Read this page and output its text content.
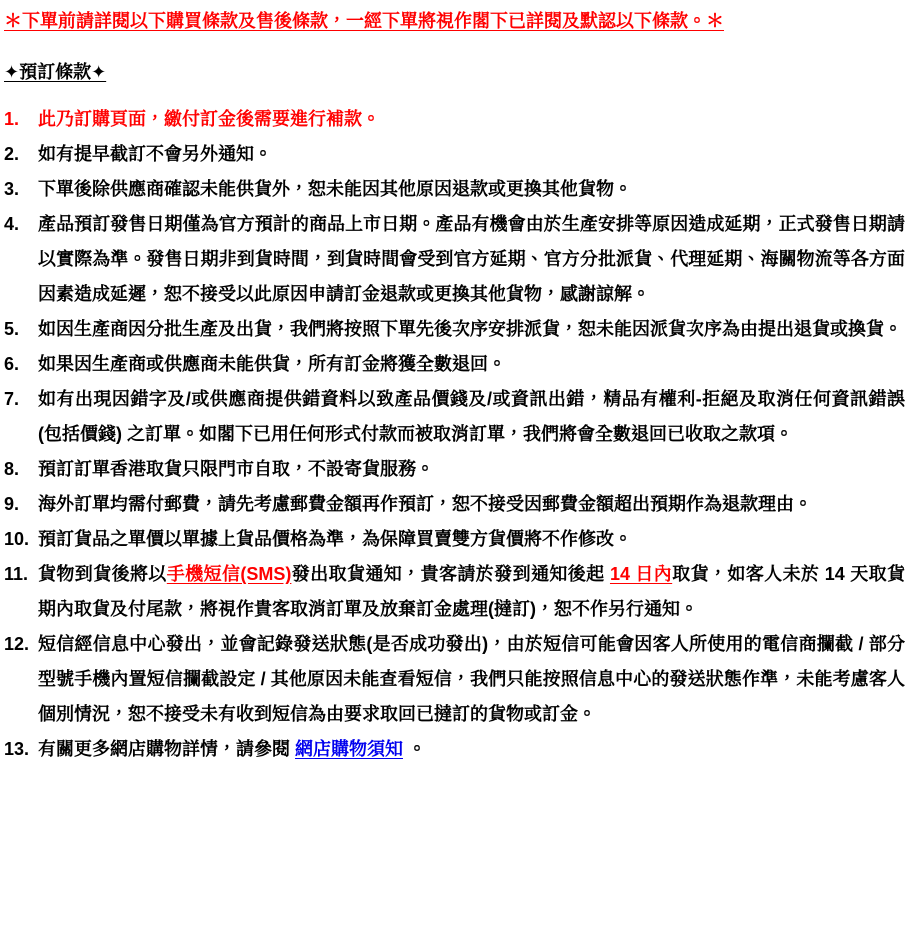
＊下單前請詳閱以下購買條款及售後條款，一經下單將視作閣下已詳閱及默認以下條款。＊
✦預訂條款✦
1.	此乃訂購頁面，繳付訂金後需要進行補款。
2.	如有提早截訂不會另外通知。
3.	下單後除供應商確認未能供貨外，恕未能因其他原因退款或更換其他貨物。
4.	產品預訂發售日期僅為官方預計的商品上市日期。產品有機會由於生產安排等原因造成延期，正式發售日期請以實際為準。發售日期非到貨時間，到貨時間會受到官方延期、官方分批派貨、代理延期、海關物流等各方面因素造成延遲，恕不接受以此原因申請訂金退款或更換其他貨物，感謝諒解。
5.	如因生產商因分批生產及出貨，我們將按照下單先後次序安排派貨，恕未能因派貨次序為由提出退貨或換貨。
6.	如果因生產商或供應商未能供貨，所有訂金將獲全數退回。
7.	如有出現因錯字及/或供應商提供錯資料以致產品價錢及/或資訊出錯，精品有權利-拒絕及取消任何資訊錯誤(包括價錢) 之訂單。如閣下已用任何形式付款而被取消訂單，我們將會全數退回已收取之款項。
8.	預訂訂單香港取貨只限門市自取，不設寄貨服務。
9.	海外訂單均需付郵費，請先考慮郵費金額再作預訂，恕不接受因郵費金額超出預期作為退款理由。
10. 預訂貨品之單價以單據上貨品價格為準，為保障買賣雙方貨價將不作修改。
11. 貨物到貨後將以手機短信(SMS)發出取貨通知，貴客請於發到通知後起 14 日內取貨，如客人未於 14 天取貨期內取貨及付尾款，將視作貴客取消訂單及放棄訂金處理(撻訂)，恕不作另行通知。
12. 短信經信息中心發出，並會記錄發送狀態(是否成功發出)，由於短信可能會因客人所使用的電信商攔截 / 部分型號手機內置短信攔截設定 / 其他原因未能查看短信，我們只能按照信息中心的發送狀態作準，未能考慮客人個別情況，恕不接受未有收到短信為由要求取回已撻訂的貨物或訂金。
13. 有關更多網店購物詳情，請參閱 網店購物須知 。
